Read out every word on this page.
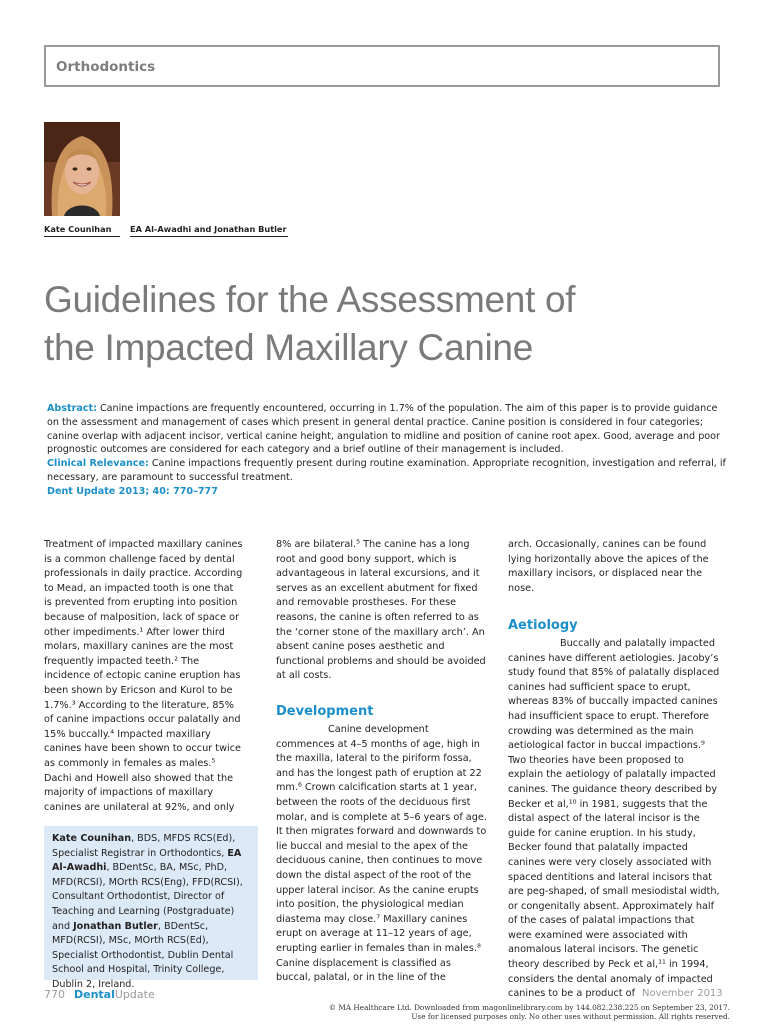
Orthodontics
Kate Counihan EA Al-Awadhi and Jonathan Butler
Guidelines for the Assessment of
the Impacted Maxillary Canine
Abstract: Canine impactions are frequently encountered, occurring in 1.7% of the population. The aim of this paper is to provide guidance on the assessment and management of cases which present in general dental practice. Canine position is considered in four categories; canine overlap with adjacent incisor, vertical canine height, angulation to midline and position of canine root apex. Good, average and poor prognostic outcomes are considered for each category and a brief outline of their management is included.
Clinical Relevance: Canine impactions frequently present during routine examination. Appropriate recognition, investigation and referral, if necessary, are paramount to successful treatment.
Dent Update 2013; 40: 770–777

Treatment of impacted maxillary canines is a common challenge faced by dental professionals in daily practice. According to Mead, an impacted tooth is one that is prevented from erupting into position because of malposition, lack of space or other impediments.¹ After lower third molars, maxillary canines are the most frequently impacted teeth.² The incidence of ectopic canine eruption has been shown by Ericson and Kurol to be 1.7%.³ According to the literature, 85% of canine impactions occur palatally and 15% buccally.⁴ Impacted maxillary canines have been shown to occur twice as commonly in females as males.⁵ Dachi and Howell also showed that the majority of impactions of maxillary canines are unilateral at 92%, and only

Kate Counihan, BDS, MFDS RCS(Ed), Specialist Registrar in Orthodontics, EA Al-Awadhi, BDentSc, BA, MSc, PhD, MFD(RCSI), MOrth RCS(Eng), FFD(RCSI), Consultant Orthodontist, Director of Teaching and Learning (Postgraduate) and Jonathan Butler, BDentSc, MFD(RCSI), MSc, MOrth RCS(Ed), Specialist Orthodontist, Dublin Dental School and Hospital, Trinity College, Dublin 2, Ireland.

8% are bilateral.⁵ The canine has a long root and good bony support, which is advantageous in lateral excursions, and it serves as an excellent abutment for fixed and removable prostheses. For these reasons, the canine is often referred to as the ‘corner stone of the maxillary arch’. An absent canine poses aesthetic and functional problems and should be avoided at all costs.

Development

Canine development commences at 4–5 months of age, high in the maxilla, lateral to the piriform fossa, and has the longest path of eruption at 22 mm.⁶ Crown calcification starts at 1 year, between the roots of the deciduous first molar, and is complete at 5–6 years of age. It then migrates forward and downwards to lie buccal and mesial to the apex of the deciduous canine, then continues to move down the distal aspect of the root of the upper lateral incisor. As the canine erupts into position, the physiological median diastema may close.⁷ Maxillary canines erupt on average at 11–12 years of age, erupting earlier in females than in males.⁸ Canine displacement is classified as buccal, palatal, or in the line of the

arch. Occasionally, canines can be found lying horizontally above the apices of the maxillary incisors, or displaced near the nose.

Aetiology

Buccally and palatally impacted canines have different aetiologies. Jacoby’s study found that 85% of palatally displaced canines had sufficient space to erupt, whereas 83% of buccally impacted canines had insufficient space to erupt. Therefore crowding was determined as the main aetiological factor in buccal impactions.⁹ Two theories have been proposed to explain the aetiology of palatally impacted canines. The guidance theory described by Becker et al,¹⁰ in 1981, suggests that the distal aspect of the lateral incisor is the guide for canine eruption. In his study, Becker found that palatally impacted canines were very closely associated with spaced dentitions and lateral incisors that are peg-shaped, of small mesiodistal width, or congenitally absent. Approximately half of the cases of palatal impactions that were examined were associated with anomalous lateral incisors. The genetic theory described by Peck et al,¹¹ in 1994, considers the dental anomaly of impacted canines to be a product of

770 DentalUpdate	November 2013
© MA Healthcare Ltd. Downloaded from magonlinelibrary.com by 144.082.238.225 on September 23, 2017.
Use for licensed purposes only. No other uses without permission. All rights reserved.
